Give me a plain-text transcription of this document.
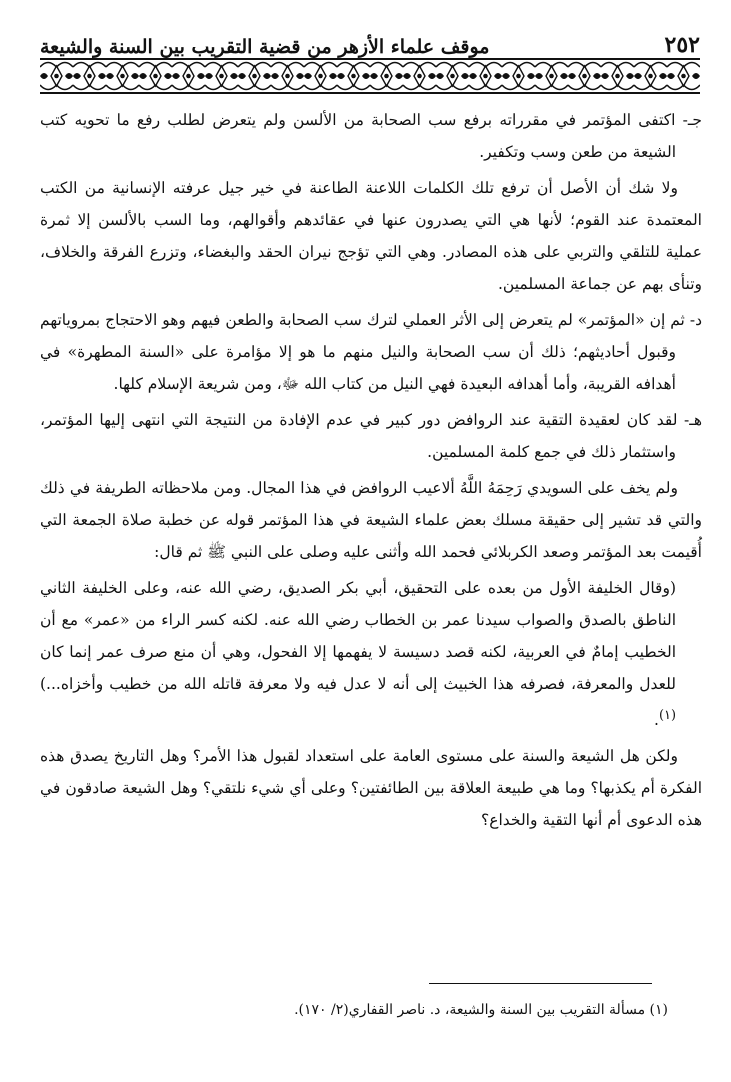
٢٥٢
موقف علماء الأزهر من قضية التقريب بين السنة والشيعة

جـ- اكتفى المؤتمر في مقرراته برفع سب الصحابة من الألسن ولم يتعرض لطلب رفع ما تحويه كتب الشيعة من طعن وسب وتكفير.

ولا شك أن الأصل أن ترفع تلك الكلمات اللاعنة الطاعنة في خير جيل عرفته الإنسانية من الكتب المعتمدة عند القوم؛ لأنها هي التي يصدرون عنها في عقائدهم وأقوالهم، وما السب بالألسن إلا ثمرة عملية للتلقي والتربي على هذه المصادر. وهي التي تؤجج نيران الحقد والبغضاء، وتزرع الفرقة والخلاف، وتنأى بهم عن جماعة المسلمين.

د- ثم إن «المؤتمر» لم يتعرض إلى الأثر العملي لترك سب الصحابة والطعن فيهم وهو الاحتجاج بمروياتهم وقبول أحاديثهم؛ ذلك أن سب الصحابة والنيل منهم ما هو إلا مؤامرة على «السنة المطهرة» في أهدافه القريبة، وأما أهدافه البعيدة فهي النيل من كتاب الله ﷻ، ومن شريعة الإسلام كلها.

هـ- لقد كان لعقيدة التقية عند الروافض دور كبير في عدم الإفادة من النتيجة التي انتهى إليها المؤتمر، واستثمار ذلك في جمع كلمة المسلمين.

ولم يخف على السويدي رَحِمَهُ اللَّهُ ألاعيب الروافض في هذا المجال. ومن ملاحظاته الطريفة في ذلك والتي قد تشير إلى حقيقة مسلك بعض علماء الشيعة في هذا المؤتمر قوله عن خطبة صلاة الجمعة التي أُقيمت بعد المؤتمر وصعد الكربلائي فحمد الله وأثنى عليه وصلى على النبي ﷺ ثم قال:

(وقال الخليفة الأول من بعده على التحقيق، أبي بكر الصديق، رضي الله عنه، وعلى الخليفة الثاني الناطق بالصدق والصواب سيدنا عمر بن الخطاب رضي الله عنه. لكنه كسر الراء من «عمر» مع أن الخطيب إمامٌ في العربية، لكنه قصد دسيسة لا يفهمها إلا الفحول، وهي أن منع صرف عمر إنما كان للعدل والمعرفة، فصرفه هذا الخبيث إلى أنه لا عدل فيه ولا معرفة قاتله الله من خطيب وأخزاه...)$^{(١)}$.

ولكن هل الشيعة والسنة على مستوى العامة على استعداد لقبول هذا الأمر؟ وهل التاريخ يصدق هذه الفكرة أم يكذبها؟ وما هي طبيعة العلاقة بين الطائفتين؟ وعلى أي شيء نلتقي؟ وهل الشيعة صادقون في هذه الدعوى أم أنها التقية والخداع؟

(١) مسألة التقريب بين السنة والشيعة، د. ناصر القفاري(٢/ ١٧٠).
